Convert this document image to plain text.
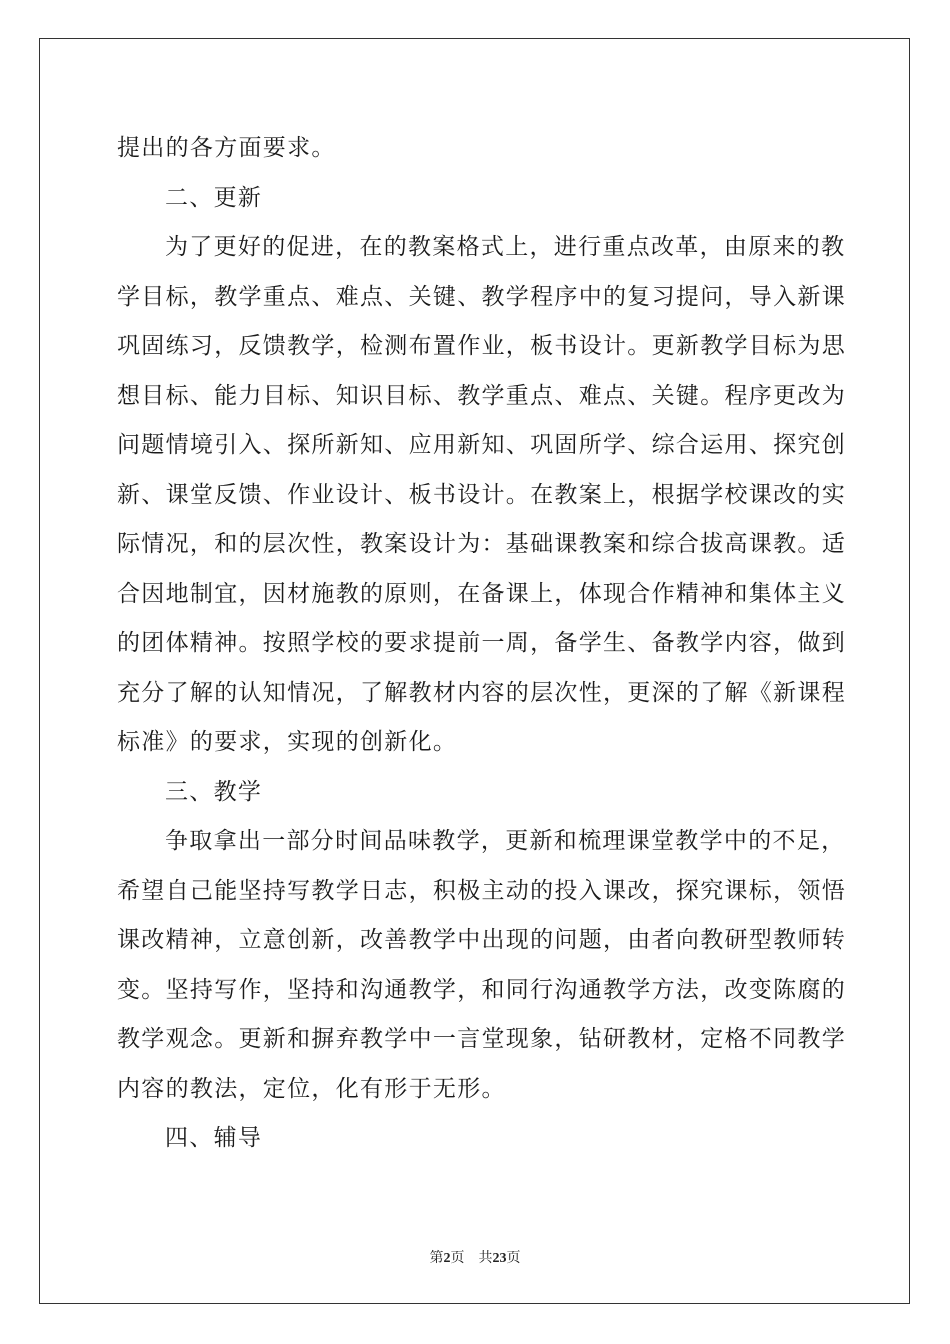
提出的各方面要求。
二、更新
为了更好的促进，在的教案格式上，进行重点改革，由原来的教
学目标，教学重点、难点、关键、教学程序中的复习提问，导入新课
巩固练习，反馈教学，检测布置作业，板书设计。更新教学目标为思
想目标、能力目标、知识目标、教学重点、难点、关键。程序更改为
问题情境引入、探所新知、应用新知、巩固所学、综合运用、探究创
新、课堂反馈、作业设计、板书设计。在教案上，根据学校课改的实
际情况，和的层次性，教案设计为：基础课教案和综合拔高课教。适
合因地制宜，因材施教的原则，在备课上，体现合作精神和集体主义
的团体精神。按照学校的要求提前一周，备学生、备教学内容，做到
充分了解的认知情况，了解教材内容的层次性，更深的了解《新课程
标准》的要求，实现的创新化。
三、教学
争取拿出一部分时间品味教学，更新和梳理课堂教学中的不足，
希望自己能坚持写教学日志，积极主动的投入课改，探究课标，领悟
课改精神，立意创新，改善教学中出现的问题，由者向教研型教师转
变。坚持写作，坚持和沟通教学，和同行沟通教学方法，改变陈腐的
教学观念。更新和摒弃教学中一言堂现象，钻研教材，定格不同教学
内容的教法，定位，化有形于无形。
四、辅导
第2页 共23页
